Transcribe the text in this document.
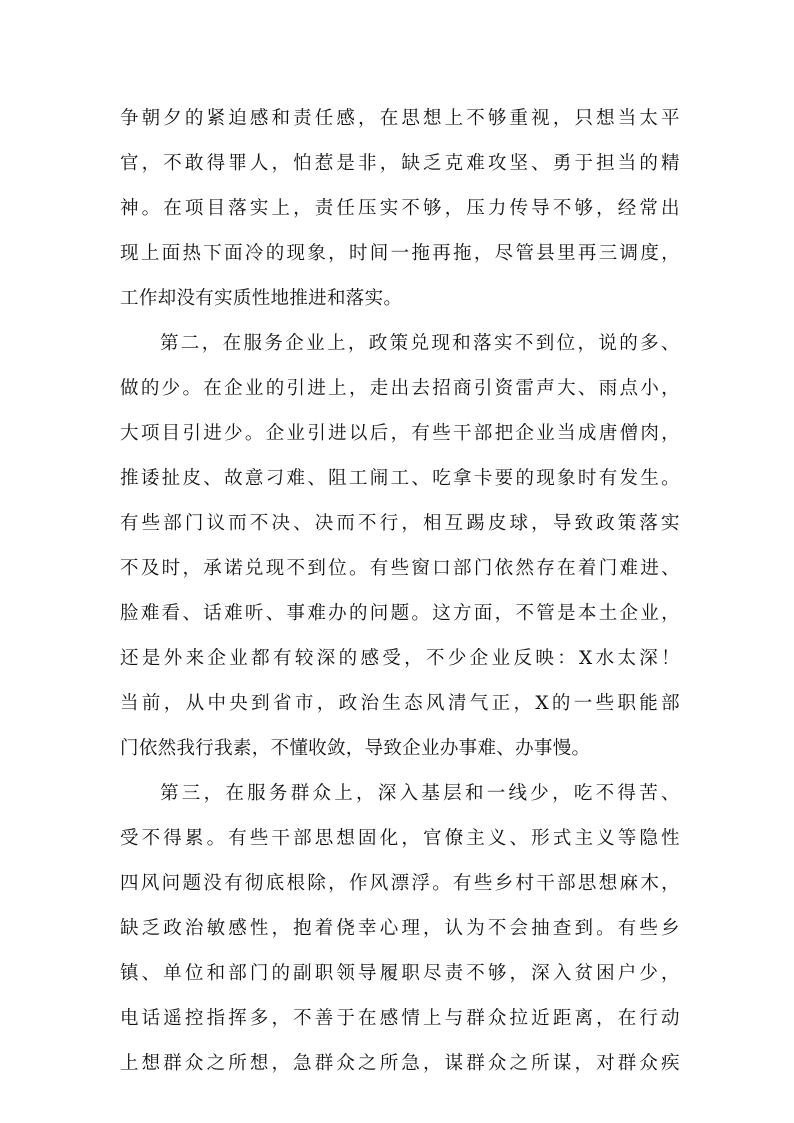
争 朝 夕 的 紧 迫 感 和 责 任 感 ， 在 思 想 上 不 够 重 视 ， 只 想 当 太 平
官 ， 不 敢 得 罪 人 ， 怕 惹 是 非 ， 缺 乏 克 难 攻 坚 、 勇 于 担 当 的 精
神 。 在 项 目 落 实 上 ， 责 任 压 实 不 够 ， 压 力 传 导 不 够 ， 经 常 出
现 上 面 热 下 面 冷 的 现 象 ， 时 间 一 拖 再 拖 ， 尽 管 县 里 再 三 调 度 ，
工 作 却 没 有 实 质 性 地 推 进 和 落 实 。
第 二 ， 在 服 务 企 业 上 ， 政 策 兑 现 和 落 实 不 到 位 ， 说 的 多 、
做 的 少 。 在 企 业 的 引 进 上 ， 走 出 去 招 商 引 资 雷 声 大 、 雨 点 小 ，
大 项 目 引 进 少 。 企 业 引 进 以 后 ， 有 些 干 部 把 企 业 当 成 唐 僧 肉 ，
推 诿 扯 皮 、 故 意 刁 难 、 阻 工 闹 工 、 吃 拿 卡 要 的 现 象 时 有 发 生 。
有 些 部 门 议 而 不 决 、 决 而 不 行 ， 相 互 踢 皮 球 ， 导 致 政 策 落 实
不 及 时 ， 承 诺 兑 现 不 到 位 。 有 些 窗 口 部 门 依 然 存 在 着 门 难 进 、
脸 难 看 、 话 难 听 、 事 难 办 的 问 题 。 这 方 面 ， 不 管 是 本 土 企 业 ，
还 是 外 来 企 业 都 有 较 深 的 感 受 ， 不 少 企 业 反 映 ： X 水 太 深 ！
当 前 ， 从 中 央 到 省 市 ， 政 治 生 态 风 清 气 正 ， X 的 一 些 职 能 部
门 依 然 我 行 我 素 ， 不 懂 收 敛 ， 导 致 企 业 办 事 难 、 办 事 慢 。
第 三 ， 在 服 务 群 众 上 ， 深 入 基 层 和 一 线 少 ， 吃 不 得 苦 、
受 不 得 累 。 有 些 干 部 思 想 固 化 ， 官 僚 主 义 、 形 式 主 义 等 隐 性
四 风 问 题 没 有 彻 底 根 除 ， 作 风 漂 浮 。 有 些 乡 村 干 部 思 想 麻 木 ，
缺 乏 政 治 敏 感 性 ， 抱 着 侥 幸 心 理 ， 认 为 不 会 抽 查 到 。 有 些 乡
镇 、 单 位 和 部 门 的 副 职 领 导 履 职 尽 责 不 够 ， 深 入 贫 困 户 少 ，
电 话 遥 控 指 挥 多 ， 不 善 于 在 感 情 上 与 群 众 拉 近 距 离 ， 在 行 动
上 想 群 众 之 所 想 ， 急 群 众 之 所 急 ， 谋 群 众 之 所 谋 ， 对 群 众 疾
